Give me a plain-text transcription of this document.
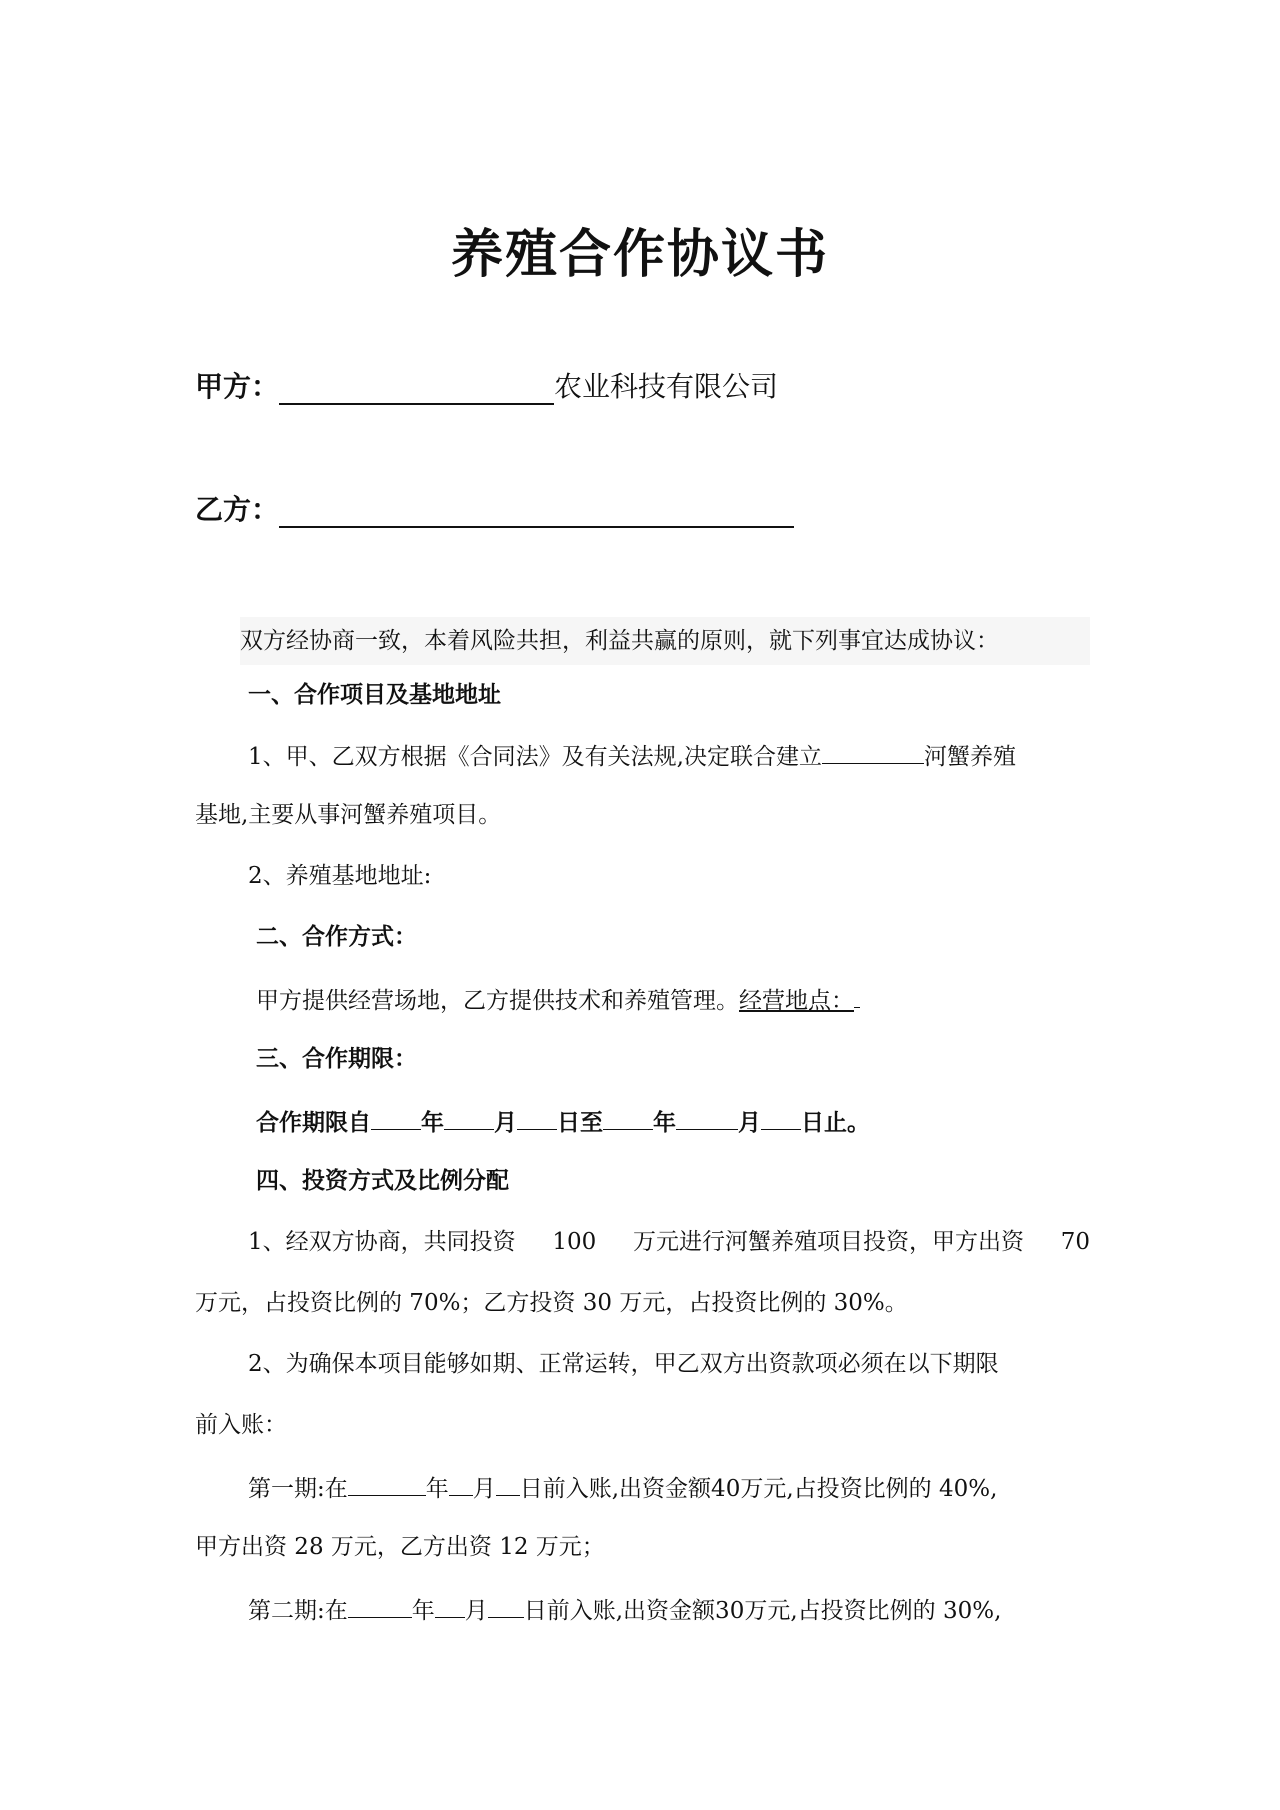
养殖合作协议书
甲方：	农业科技有限公司
乙方：
双方经协商一致，本着风险共担，利益共赢的原则，就下列事宜达成协议：
一、合作项目及基地地址
1、甲、乙双方根据《合同法》及有关法规,决定联合建立	河蟹养殖
基地,主要从事河蟹养殖项目。
2、养殖基地地址:
二、合作方式：
甲方提供经营场地，乙方提供技术和养殖管理。经营地点：
三、合作期限：
合作期限自 年 月 日至 年	月 日止。
四、投资方式及比例分配
1、经双方协商，共同投资 100 万元进行河蟹养殖项目投资，甲方出资 70
万元，占投资比例的 70%；乙方投资 30 万元，占投资比例的 30%。
2、为确保本项目能够如期、正常运转，甲乙双方出资款项必须在以下期限
前入账：
第一期:在	年 月 日前入账,出资金额40万元,占投资比例的 40%,
甲方出资 28 万元，乙方出资 12 万元；
第二期:在	年 月 日前入账,出资金额30万元,占投资比例的 30%,
